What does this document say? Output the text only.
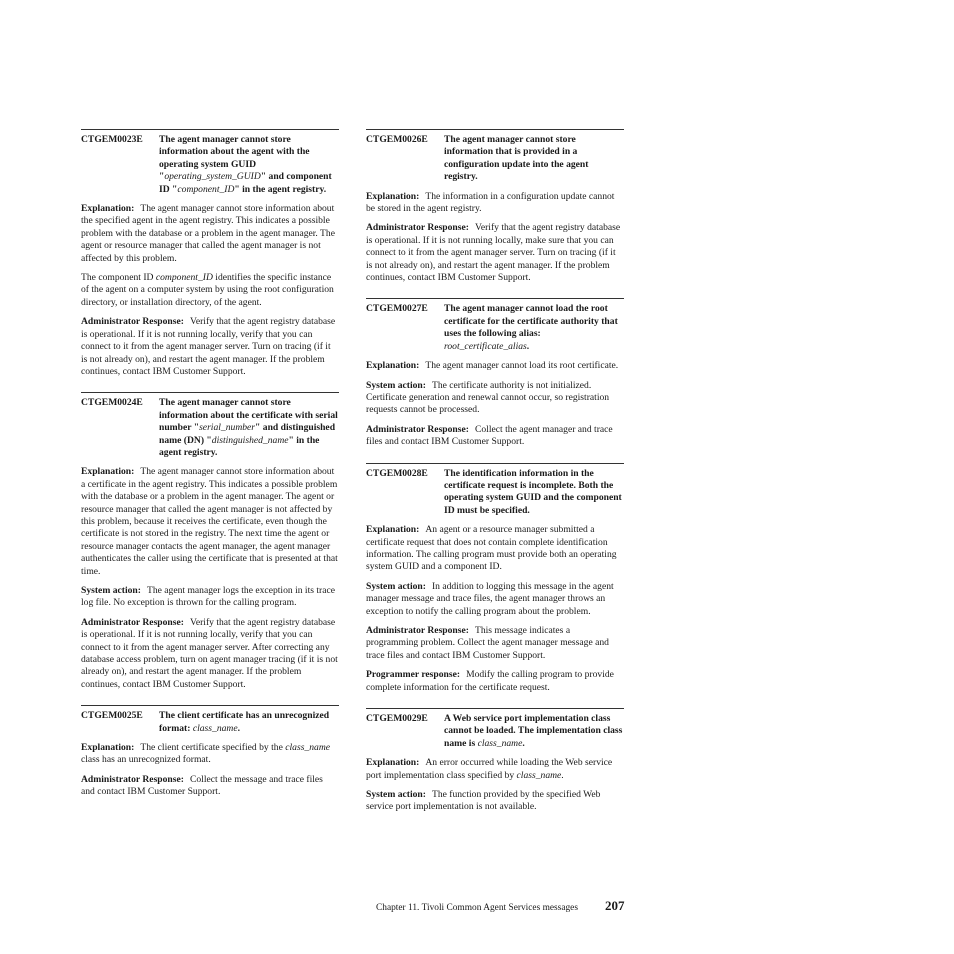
CTGEM0023E	The agent manager cannot store information about the agent with the operating system GUID "operating_system_GUID" and component ID "component_ID" in the agent registry.
Explanation: The agent manager cannot store information about the specified agent in the agent registry. This indicates a possible problem with the database or a problem in the agent manager. The agent or resource manager that called the agent manager is not affected by this problem.
The component ID component_ID identifies the specific instance of the agent on a computer system by using the root configuration directory, or installation directory, of the agent.
Administrator Response: Verify that the agent registry database is operational. If it is not running locally, verify that you can connect to it from the agent manager server. Turn on tracing (if it is not already on), and restart the agent manager. If the problem continues, contact IBM Customer Support.
CTGEM0024E	The agent manager cannot store information about the certificate with serial number "serial_number" and distinguished name (DN) "distinguished_name" in the agent registry.
Explanation: The agent manager cannot store information about a certificate in the agent registry. This indicates a possible problem with the database or a problem in the agent manager. The agent or resource manager that called the agent manager is not affected by this problem, because it receives the certificate, even though the certificate is not stored in the registry. The next time the agent or resource manager contacts the agent manager, the agent manager authenticates the caller using the certificate that is presented at that time.
System action: The agent manager logs the exception in its trace log file. No exception is thrown for the calling program.
Administrator Response: Verify that the agent registry database is operational. If it is not running locally, verify that you can connect to it from the agent manager server. After correcting any database access problem, turn on agent manager tracing (if it is not already on), and restart the agent manager. If the problem continues, contact IBM Customer Support.
CTGEM0025E	The client certificate has an unrecognized format: class_name.
Explanation: The client certificate specified by the class_name class has an unrecognized format.
Administrator Response: Collect the message and trace files and contact IBM Customer Support.
CTGEM0026E	The agent manager cannot store information that is provided in a configuration update into the agent registry.
Explanation: The information in a configuration update cannot be stored in the agent registry.
Administrator Response: Verify that the agent registry database is operational. If it is not running locally, make sure that you can connect to it from the agent manager server. Turn on tracing (if it is not already on), and restart the agent manager. If the problem continues, contact IBM Customer Support.
CTGEM0027E	The agent manager cannot load the root certificate for the certificate authority that uses the following alias: root_certificate_alias.
Explanation: The agent manager cannot load its root certificate.
System action: The certificate authority is not initialized. Certificate generation and renewal cannot occur, so registration requests cannot be processed.
Administrator Response: Collect the agent manager and trace files and contact IBM Customer Support.
CTGEM0028E	The identification information in the certificate request is incomplete. Both the operating system GUID and the component ID must be specified.
Explanation: An agent or a resource manager submitted a certificate request that does not contain complete identification information. The calling program must provide both an operating system GUID and a component ID.
System action: In addition to logging this message in the agent manager message and trace files, the agent manager throws an exception to notify the calling program about the problem.
Administrator Response: This message indicates a programming problem. Collect the agent manager message and trace files and contact IBM Customer Support.
Programmer response: Modify the calling program to provide complete information for the certificate request.
CTGEM0029E	A Web service port implementation class cannot be loaded. The implementation class name is class_name.
Explanation: An error occurred while loading the Web service port implementation class specified by class_name.
System action: The function provided by the specified Web service port implementation is not available.
Chapter 11. Tivoli Common Agent Services messages 207
